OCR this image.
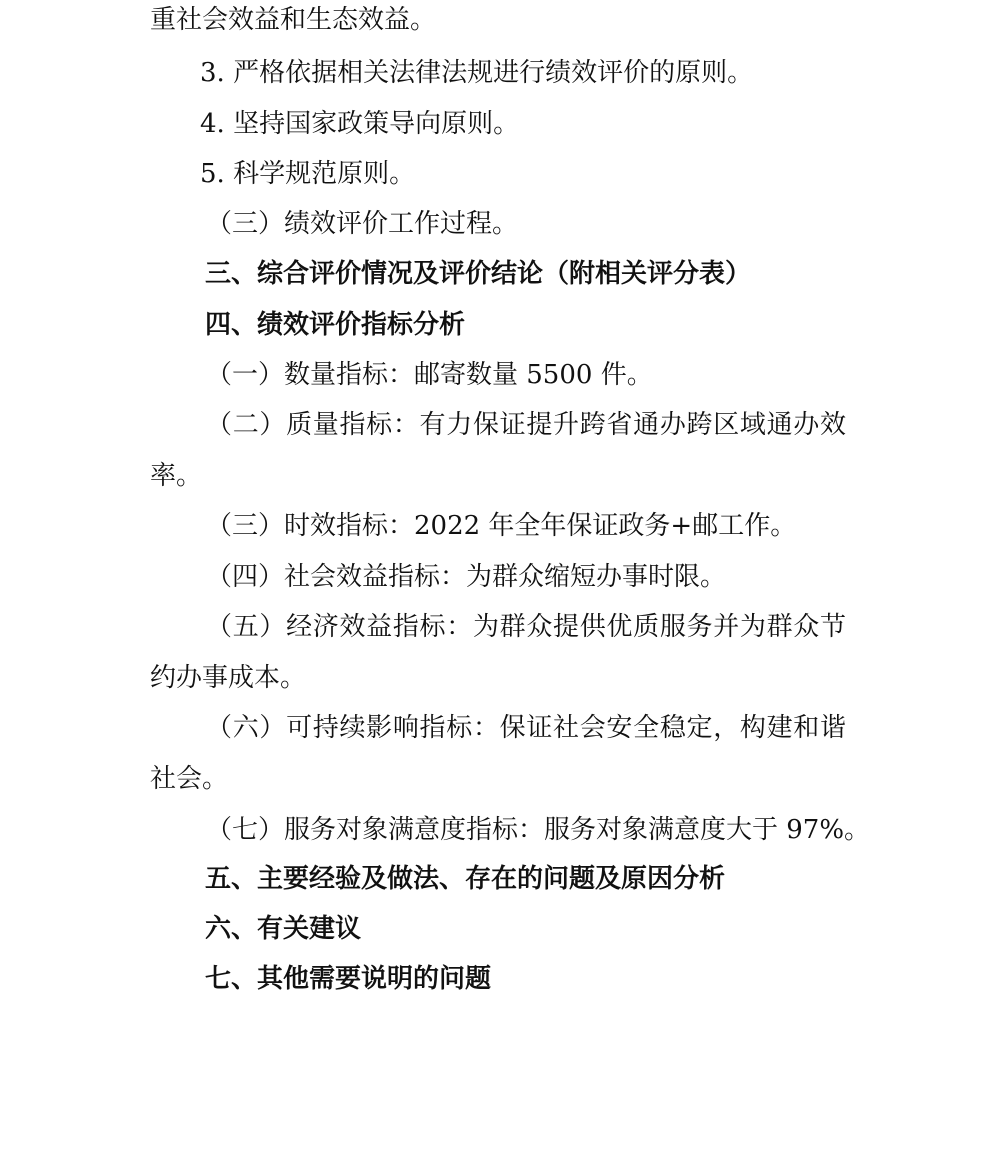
重社会效益和生态效益。
3. 严格依据相关法律法规进行绩效评价的原则。
4. 坚持国家政策导向原则。
5. 科学规范原则。
（三）绩效评价工作过程。
三、综合评价情况及评价结论（附相关评分表）
四、绩效评价指标分析
（一）数量指标：邮寄数量 5500 件。
（二）质量指标：有力保证提升跨省通办跨区域通办效
率。
（三）时效指标：2022 年全年保证政务+邮工作。
（四）社会效益指标：为群众缩短办事时限。
（五）经济效益指标：为群众提供优质服务并为群众节
约办事成本。
（六）可持续影响指标：保证社会安全稳定，构建和谐
社会。
（七）服务对象满意度指标：服务对象满意度大于 97%。
五、主要经验及做法、存在的问题及原因分析
六、有关建议
七、其他需要说明的问题
